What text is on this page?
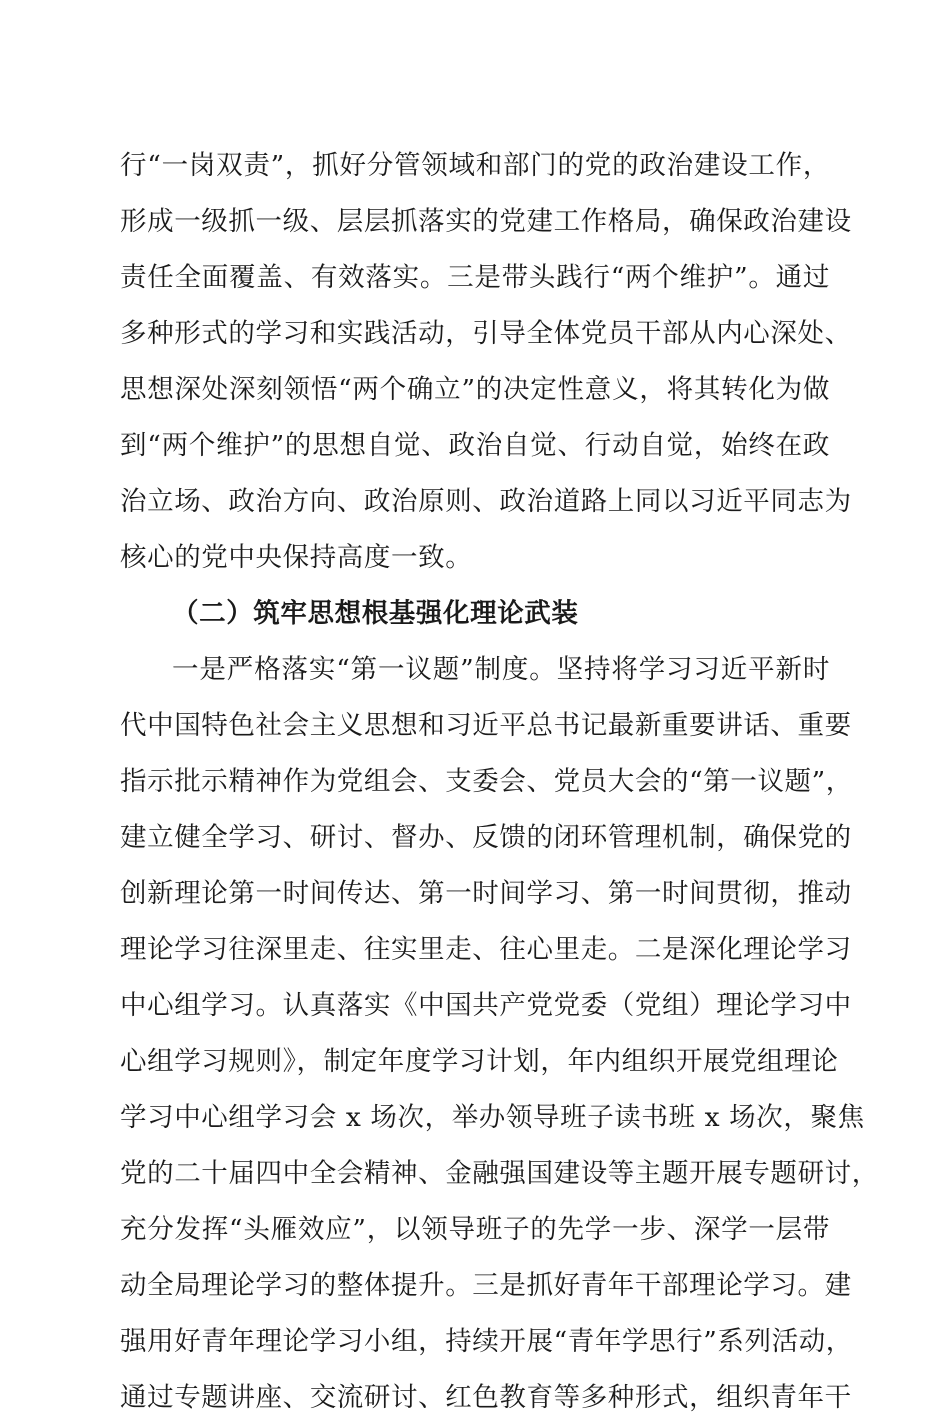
行“一岗双责”，抓好分管领域和部门的党的政治建设工作，
形成一级抓一级、层层抓落实的党建工作格局，确保政治建设
责任全面覆盖、有效落实。三是带头践行“两个维护”。通过
多种形式的学习和实践活动，引导全体党员干部从内心深处、
思想深处深刻领悟“两个确立”的决定性意义，将其转化为做
到“两个维护”的思想自觉、政治自觉、行动自觉，始终在政
治立场、政治方向、政治原则、政治道路上同以习近平同志为
核心的党中央保持高度一致。
（二）筑牢思想根基强化理论武装
一是严格落实“第一议题”制度。坚持将学习习近平新时
代中国特色社会主义思想和习近平总书记最新重要讲话、重要
指示批示精神作为党组会、支委会、党员大会的“第一议题”，
建立健全学习、研讨、督办、反馈的闭环管理机制，确保党的
创新理论第一时间传达、第一时间学习、第一时间贯彻，推动
理论学习往深里走、往实里走、往心里走。二是深化理论学习
中心组学习。认真落实《中国共产党党委（党组）理论学习中
心组学习规则》，制定年度学习计划，年内组织开展党组理论
学习中心组学习会 x 场次，举办领导班子读书班 x 场次，聚焦
党的二十届四中全会精神、金融强国建设等主题开展专题研讨，
充分发挥“头雁效应”，以领导班子的先学一步、深学一层带
动全局理论学习的整体提升。三是抓好青年干部理论学习。建
强用好青年理论学习小组，持续开展“青年学思行”系列活动，
通过专题讲座、交流研讨、红色教育等多种形式，组织青年干
